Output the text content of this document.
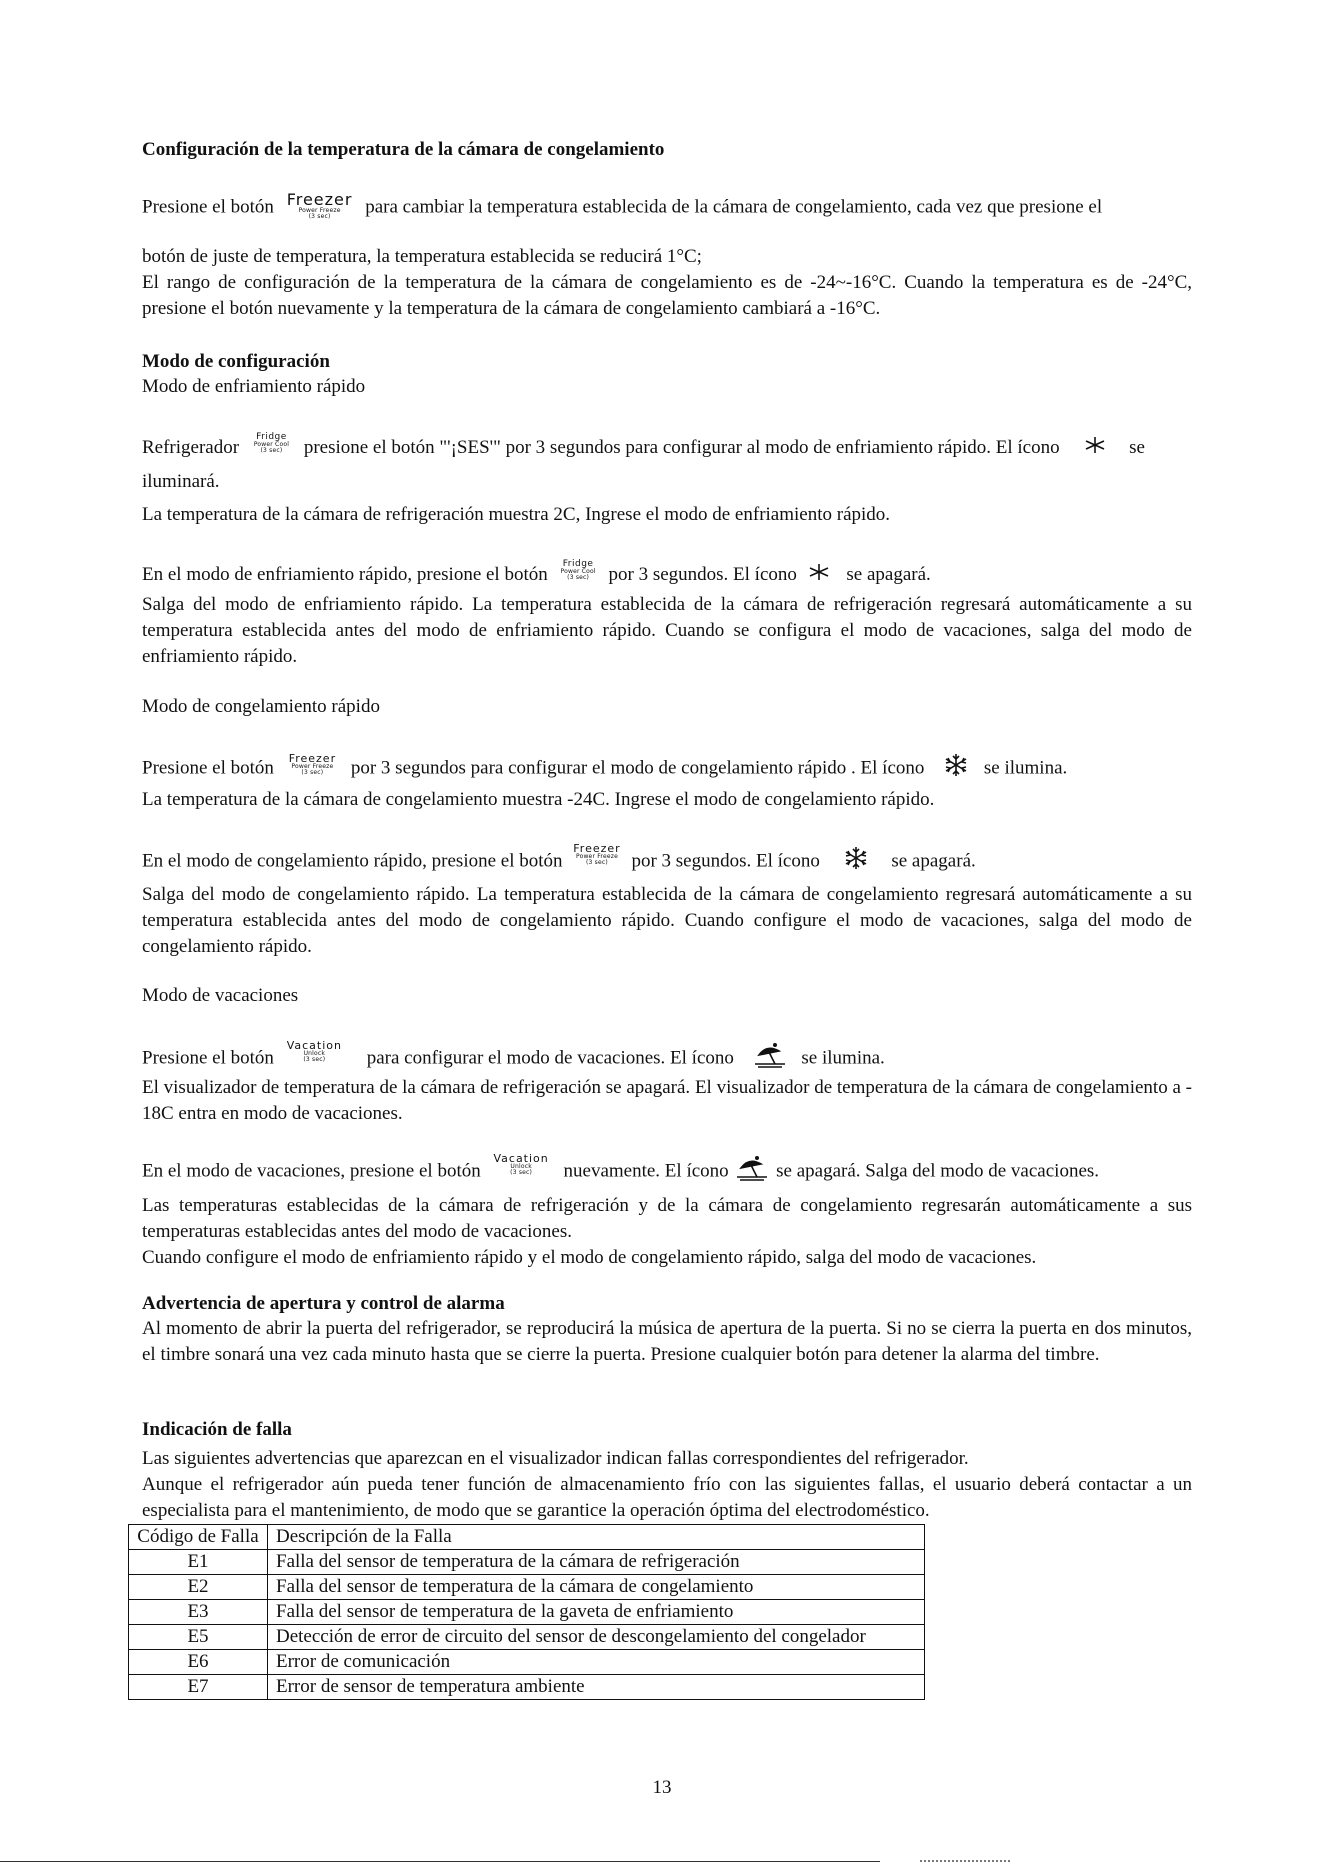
Configuración de la temperatura de la cámara de congelamiento

Presione el botón Freezer
Power Freeze
(3 sec)	para cambiar la temperatura establecida de la cámara de congelamiento, cada vez que presione el

botón de juste de temperatura, la temperatura establecida se reducirá 1°C;

El rango de configuración de la temperatura de la cámara de congelamiento es de -24~-16°C. Cuando la temperatura es de -24°C, presione el botón nuevamente y la temperatura de la cámara de congelamiento cambiará a -16°C.

Modo de configuración

Modo de enfriamiento rápido

Refrigerador Fridge
Power Cool
(3 sec)	presione el botón "'¡SES'" por 3 segundos para configurar al modo de enfriamiento rápido. El ícono	se

iluminará.

La temperatura de la cámara de refrigeración muestra 2C, Ingrese el modo de enfriamiento rápido.

En el modo de enfriamiento rápido, presione el botón Fridge
Power Cool
(3 sec)	por 3 segundos. El ícono	se apagará.

Salga del modo de enfriamiento rápido. La temperatura establecida de la cámara de refrigeración regresará automáticamente a su temperatura establecida antes del modo de enfriamiento rápido. Cuando se configura el modo de vacaciones, salga del modo de enfriamiento rápido.

Modo de congelamiento rápido

Presione el botón Freezer
Power Freeze
(3 sec)	por 3 segundos para configurar el modo de congelamiento rápido . El ícono	se ilumina.

La temperatura de la cámara de congelamiento muestra -24C. Ingrese el modo de congelamiento rápido.

En el modo de congelamiento rápido, presione el botón
Freezer
Power Freeze
(3 sec)	por 3 segundos. El ícono	se apagará.

Salga del modo de congelamiento rápido. La temperatura establecida de la cámara de congelamiento regresará automáticamente a su temperatura establecida antes del modo de congelamiento rápido. Cuando configure el modo de vacaciones, salga del modo de congelamiento rápido.

Modo de vacaciones

Presione el botón
Vacation
Unlock
(3 sec)	para configurar el modo de vacaciones. El ícono	se ilumina.

El visualizador de temperatura de la cámara de refrigeración se apagará. El visualizador de temperatura de la cámara de congelamiento a - 18C entra en modo de vacaciones.

En el modo de vacaciones, presione el botón
Vacation
Unlock
(3 sec)	nuevamente. El ícono	se apagará. Salga del modo de vacaciones.

Las temperaturas establecidas de la cámara de refrigeración y de la cámara de congelamiento regresarán automáticamente a sus temperaturas establecidas antes del modo de vacaciones.

Cuando configure el modo de enfriamiento rápido y el modo de congelamiento rápido, salga del modo de vacaciones.

Advertencia de apertura y control de alarma

Al momento de abrir la puerta del refrigerador, se reproducirá la música de apertura de la puerta. Si no se cierra la puerta en dos minutos, el timbre sonará una vez cada minuto hasta que se cierre la puerta. Presione cualquier botón para detener la alarma del timbre.

Indicación de falla

Las siguientes advertencias que aparezcan en el visualizador indican fallas correspondientes del refrigerador.

Aunque el refrigerador aún pueda tener función de almacenamiento frío con las siguientes fallas, el usuario deberá contactar a un especialista para el mantenimiento, de modo que se garantice la operación óptima del electrodoméstico.

Código de Falla	Descripción de la Falla
E1	Falla del sensor de temperatura de la cámara de refrigeración
E2	Falla del sensor de temperatura de la cámara de congelamiento
E3	Falla del sensor de temperatura de la gaveta de enfriamiento
E5	Detección de error de circuito del sensor de descongelamiento del congelador
E6	Error de comunicación
E7	Error de sensor de temperatura ambiente
13
